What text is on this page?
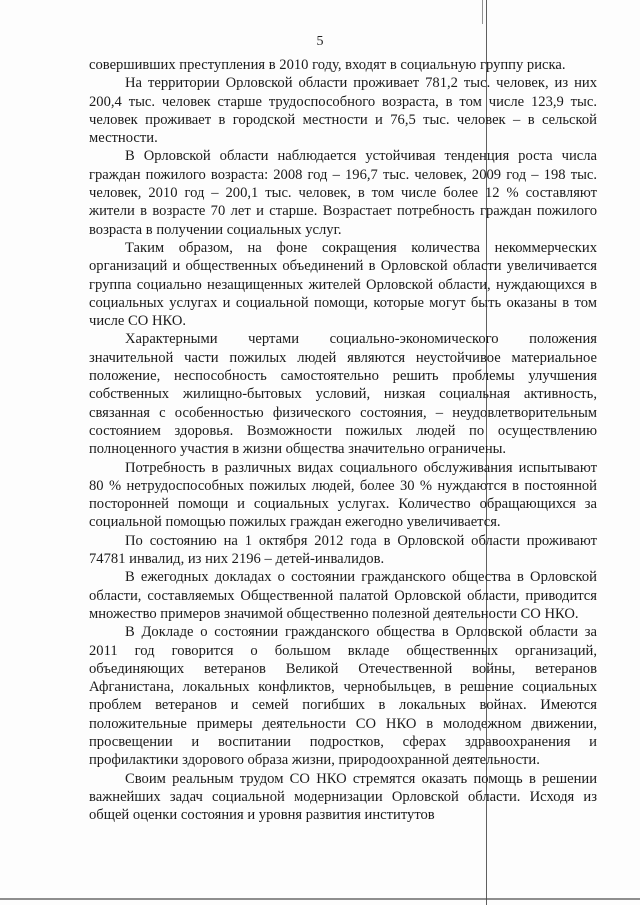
5

совершивших преступления в 2010 году, входят в социальную группу риска.

На территории Орловской области проживает 781,2 тыс. человек, из них 200,4 тыс. человек старше трудоспособного возраста, в том числе 123,9 тыс. человек проживает в городской местности и 76,5 тыс. человек – в сельской местности.

В Орловской области наблюдается устойчивая тенденция роста числа граждан пожилого возраста: 2008 год – 196,7 тыс. человек, 2009 год – 198 тыс. человек, 2010 год – 200,1 тыс. человек, в том числе более 12 % составляют жители в возрасте 70 лет и старше. Возрастает потребность граждан пожилого возраста в получении социальных услуг.

Таким образом, на фоне сокращения количества некоммерческих организаций и общественных объединений в Орловской области увеличивается группа социально незащищенных жителей Орловской области, нуждающихся в социальных услугах и социальной помощи, которые могут быть оказаны в том числе СО НКО.

Характерными чертами социально-экономического положения значительной части пожилых людей являются неустойчивое материальное положение, неспособность самостоятельно решить проблемы улучшения собственных жилищно-бытовых условий, низкая социальная активность, связанная с особенностью физического состояния, – неудовлетворительным состоянием здоровья. Возможности пожилых людей по осуществлению полноценного участия в жизни общества значительно ограничены.

Потребность в различных видах социального обслуживания испытывают 80 % нетрудоспособных пожилых людей, более 30 % нуждаются в постоянной посторонней помощи и социальных услугах. Количество обращающихся за социальной помощью пожилых граждан ежегодно увеличивается.

По состоянию на 1 октября 2012 года в Орловской области проживают 74781 инвалид, из них 2196 – детей-инвалидов.

В ежегодных докладах о состоянии гражданского общества в Орловской области, составляемых Общественной палатой Орловской области, приводится множество примеров значимой общественно полезной деятельности СО НКО.

В Докладе о состоянии гражданского общества в Орловской области за 2011 год говорится о большом вкладе общественных организаций, объединяющих ветеранов Великой Отечественной войны, ветеранов Афганистана, локальных конфликтов, чернобыльцев, в решение социальных проблем ветеранов и семей погибших в локальных войнах. Имеются положительные примеры деятельности СО НКО в молодежном движении, просвещении и воспитании подростков, сферах здравоохранения и профилактики здорового образа жизни, природоохранной деятельности.

Своим реальным трудом СО НКО стремятся оказать помощь в решении важнейших задач социальной модернизации Орловской области. Исходя из общей оценки состояния и уровня развития институтов
